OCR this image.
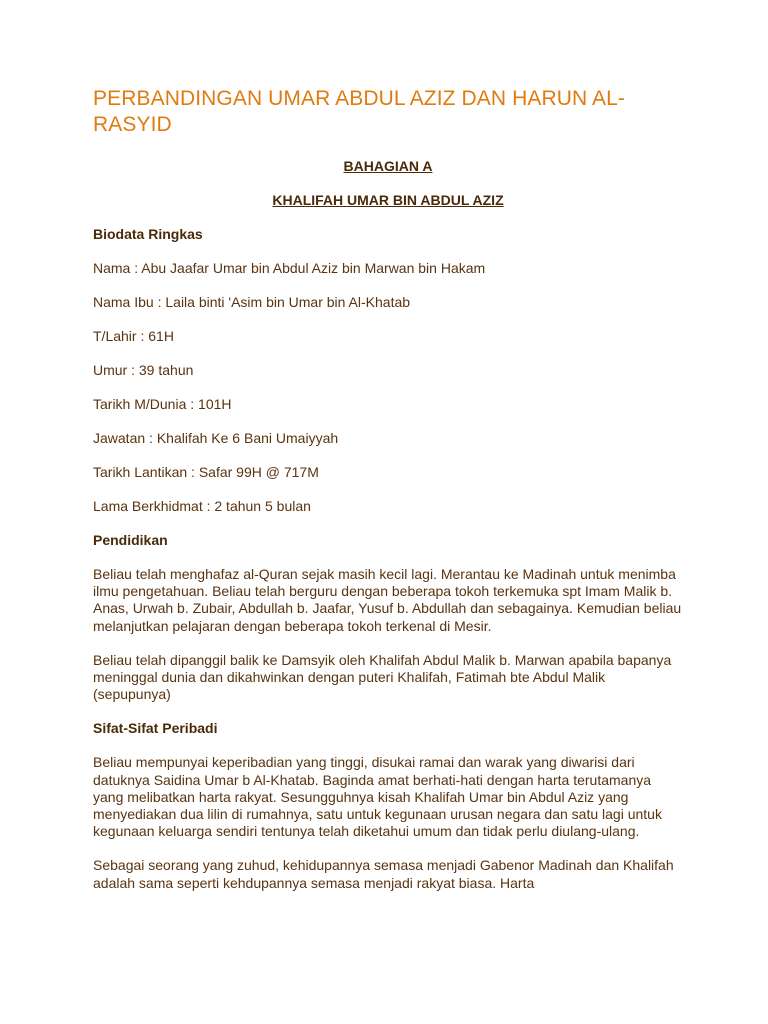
PERBANDINGAN UMAR ABDUL AZIZ DAN HARUN AL-RASYID
BAHAGIAN A
KHALIFAH UMAR BIN ABDUL AZIZ
Biodata Ringkas
Nama : Abu Jaafar Umar bin Abdul Aziz bin Marwan bin Hakam
Nama Ibu : Laila binti 'Asim bin Umar bin Al-Khatab
T/Lahir : 61H
Umur : 39 tahun
Tarikh M/Dunia : 101H
Jawatan : Khalifah Ke 6 Bani Umaiyyah
Tarikh Lantikan : Safar 99H @ 717M
Lama Berkhidmat : 2 tahun 5 bulan
Pendidikan

Beliau telah menghafaz al-Quran sejak masih kecil lagi. Merantau ke Madinah untuk menimba ilmu pengetahuan. Beliau telah berguru dengan beberapa tokoh terkemuka spt Imam Malik b. Anas, Urwah b. Zubair, Abdullah b. Jaafar, Yusuf b. Abdullah dan sebagainya. Kemudian beliau melanjutkan pelajaran dengan beberapa tokoh terkenal di Mesir.

Beliau telah dipanggil balik ke Damsyik oleh Khalifah Abdul Malik b. Marwan apabila bapanya meninggal dunia dan dikahwinkan dengan puteri Khalifah, Fatimah bte Abdul Malik (sepupunya)

Sifat-Sifat Peribadi

Beliau mempunyai keperibadian yang tinggi, disukai ramai dan warak yang diwarisi dari datuknya Saidina Umar b Al-Khatab. Baginda amat berhati-hati dengan harta terutamanya yang melibatkan harta rakyat. Sesungguhnya kisah Khalifah Umar bin Abdul Aziz yang menyediakan dua lilin di rumahnya, satu untuk kegunaan urusan negara dan satu lagi untuk kegunaan keluarga sendiri tentunya telah diketahui umum dan tidak perlu diulang-ulang.

Sebagai seorang yang zuhud, kehidupannya semasa menjadi Gabenor Madinah dan Khalifah adalah sama seperti kehdupannya semasa menjadi rakyat biasa. Harta
